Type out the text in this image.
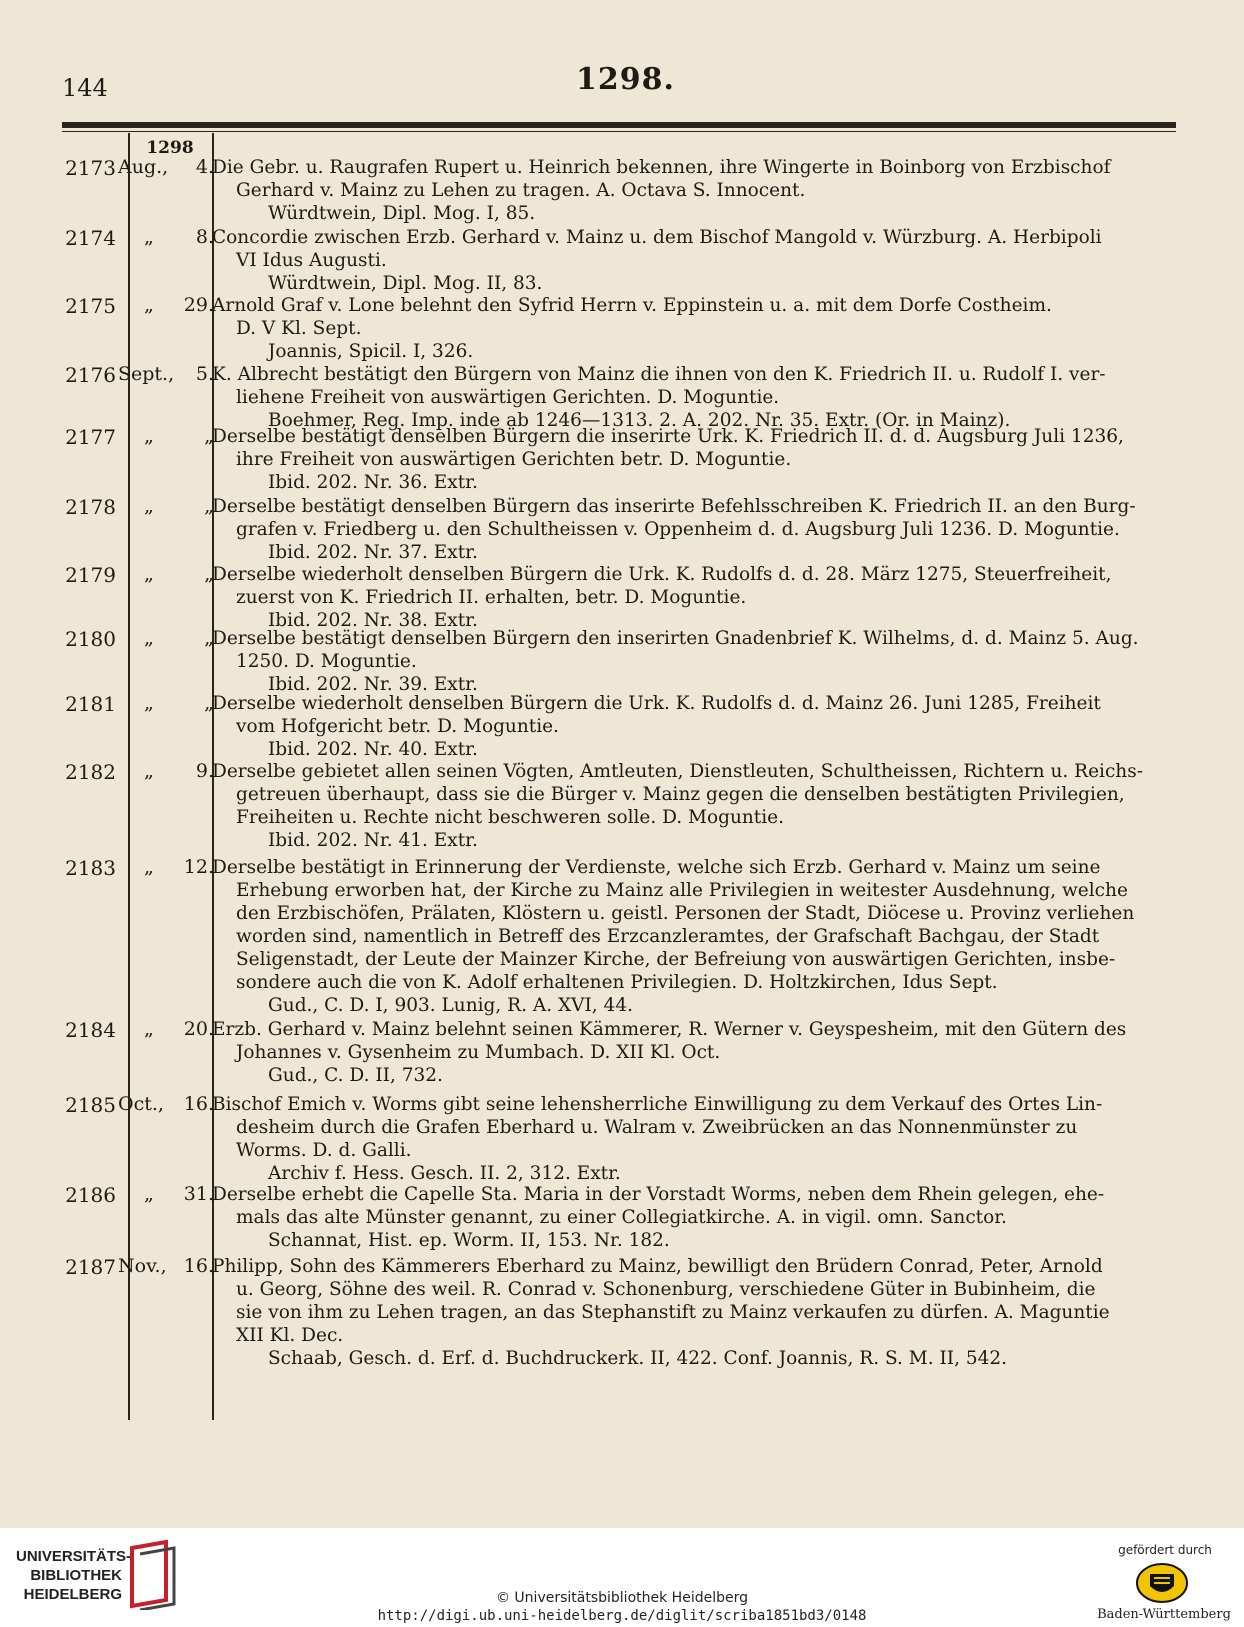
144	1298.
1298
2173 Aug., 4.
Die Gebr. u. Raugrafen Rupert u. Heinrich bekennen, ihre Wingerte in Boinborg von Erzbischof
Gerhard v. Mainz zu Lehen zu tragen. A. Octava S. Innocent.
Würdtwein, Dipl. Mog. I, 85.
2174 „ 8.
Concordie zwischen Erzb. Gerhard v. Mainz u. dem Bischof Mangold v. Würzburg. A. Herbipoli
VI Idus Augusti.
Würdtwein, Dipl. Mog. II, 83.
2175 „ 29.
Arnold Graf v. Lone belehnt den Syfrid Herrn v. Eppinstein u. a. mit dem Dorfe Costheim.
D. V Kl. Sept.
Joannis, Spicil. I, 326.
2176 Sept., 5.
K. Albrecht bestätigt den Bürgern von Mainz die ihnen von den K. Friedrich II. u. Rudolf I. ver-
liehene Freiheit von auswärtigen Gerichten. D. Moguntie.
Boehmer, Reg. Imp. inde ab 1246—1313. 2. A. 202. Nr. 35. Extr. (Or. in Mainz).
2177 „	„
Derselbe bestätigt denselben Bürgern die inserirte Urk. K. Friedrich II. d. d. Augsburg Juli 1236,
ihre Freiheit von auswärtigen Gerichten betr. D. Moguntie.
Ibid. 202. Nr. 36. Extr.
2178 „	„
Derselbe bestätigt denselben Bürgern das inserirte Befehlsschreiben K. Friedrich II. an den Burg-
grafen v. Friedberg u. den Schultheissen v. Oppenheim d. d. Augsburg Juli 1236. D. Moguntie.
Ibid. 202. Nr. 37. Extr.
2179 „	„
Derselbe wiederholt denselben Bürgern die Urk. K. Rudolfs d. d. 28. März 1275, Steuerfreiheit,
zuerst von K. Friedrich II. erhalten, betr. D. Moguntie.
Ibid. 202. Nr. 38. Extr.
2180 „	„
Derselbe bestätigt denselben Bürgern den inserirten Gnadenbrief K. Wilhelms, d. d. Mainz 5. Aug.
1250. D. Moguntie.
Ibid. 202. Nr. 39. Extr.
2181 „	„
Derselbe wiederholt denselben Bürgern die Urk. K. Rudolfs d. d. Mainz 26. Juni 1285, Freiheit
vom Hofgericht betr. D. Moguntie.
Ibid. 202. Nr. 40. Extr.
2182 „ 9.
Derselbe gebietet allen seinen Vögten, Amtleuten, Dienstleuten, Schultheissen, Richtern u. Reichs-
getreuen überhaupt, dass sie die Bürger v. Mainz gegen die denselben bestätigten Privilegien,
Freiheiten u. Rechte nicht beschweren solle. D. Moguntie.
Ibid. 202. Nr. 41. Extr.
2183 „ 12.
Derselbe bestätigt in Erinnerung der Verdienste, welche sich Erzb. Gerhard v. Mainz um seine
Erhebung erworben hat, der Kirche zu Mainz alle Privilegien in weitester Ausdehnung, welche
den Erzbischöfen, Prälaten, Klöstern u. geistl. Personen der Stadt, Diöcese u. Provinz verliehen
worden sind, namentlich in Betreff des Erzcanzleramtes, der Grafschaft Bachgau, der Stadt
Seligenstadt, der Leute der Mainzer Kirche, der Befreiung von auswärtigen Gerichten, insbe-
sondere auch die von K. Adolf erhaltenen Privilegien. D. Holtzkirchen, Idus Sept.
Gud., C. D. I, 903. Lunig, R. A. XVI, 44.
2184 „ 20.
Erzb. Gerhard v. Mainz belehnt seinen Kämmerer, R. Werner v. Geyspesheim, mit den Gütern des
Johannes v. Gysenheim zu Mumbach. D. XII Kl. Oct.
Gud., C. D. II, 732.
2185 Oct., 16.
Bischof Emich v. Worms gibt seine lehensherrliche Einwilligung zu dem Verkauf des Ortes Lin-
desheim durch die Grafen Eberhard u. Walram v. Zweibrücken an das Nonnenmünster zu
Worms. D. d. Galli.
Archiv f. Hess. Gesch. II. 2, 312. Extr.
2186 „ 31.
Derselbe erhebt die Capelle Sta. Maria in der Vorstadt Worms, neben dem Rhein gelegen, ehe-
mals das alte Münster genannt, zu einer Collegiatkirche. A. in vigil. omn. Sanctor.
Schannat, Hist. ep. Worm. II, 153. Nr. 182.
2187 Nov., 16.
Philipp, Sohn des Kämmerers Eberhard zu Mainz, bewilligt den Brüdern Conrad, Peter, Arnold
u. Georg, Söhne des weil. R. Conrad v. Schonenburg, verschiedene Güter in Bubinheim, die
sie von ihm zu Lehen tragen, an das Stephanstift zu Mainz verkaufen zu dürfen. A. Maguntie
XII Kl. Dec.
Schaab, Gesch. d. Erf. d. Buchdruckerk. II, 422. Conf. Joannis, R. S. M. II, 542.
UNIVERSITÄTS-
BIBLIOTHEK
HEIDELBERG	© Universitätsbibliothek Heidelberg
http://digi.ub.uni-heidelberg.de/diglit/scriba1851bd3/0148
gefördert durch
Baden-Württemberg
